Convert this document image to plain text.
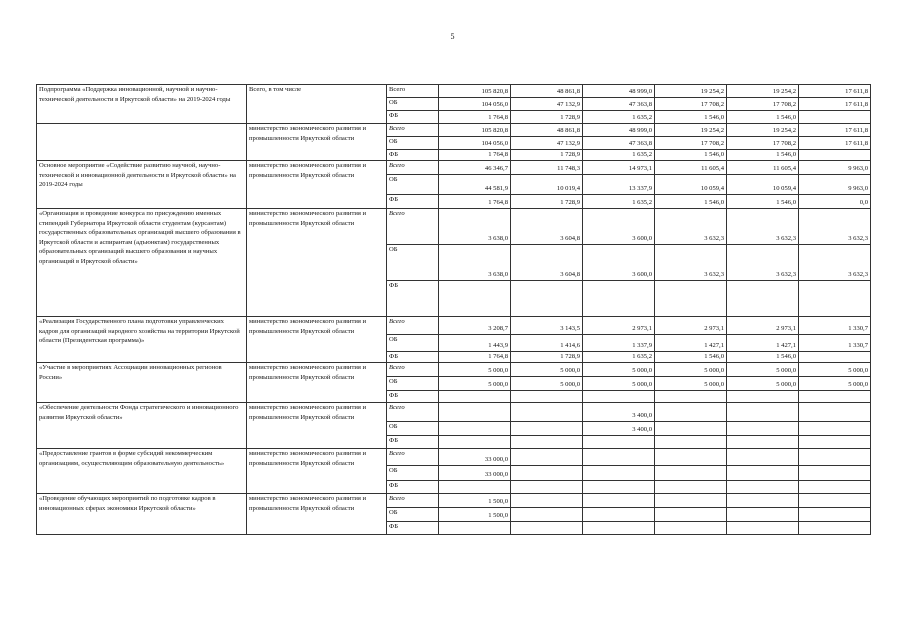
5
Подпрограмма «Поддержка инновационной, научной и научно-технической деятельности в Иркутской области» на 2019-2024 годы	Всего, в том числе	Всего	105 820,8	48 861,8	48 999,0	19 254,2	19 254,2	17 611,8
		ОБ	104 056,0	47 132,9	47 363,8	17 708,2	17 708,2	17 611,8
		ФБ	1 764,8	1 728,9	1 635,2	1 546,0	1 546,0	
	министерство экономического развития и промышленности Иркутской области	Всего	105 820,8	48 861,8	48 999,0	19 254,2	19 254,2	17 611,8
		ОБ	104 056,0	47 132,9	47 363,8	17 708,2	17 708,2	17 611,8
		ФБ	1 764,8	1 728,9	1 635,2	1 546,0	1 546,0	
Основное мероприятие «Содействие развитию научной, научно-технической и инновационной деятельности в Иркутской области» на 2019-2024 годы	министерство экономического развития и промышленности Иркутской области	Всего	46 346,7	11 748,3	14 973,1	11 605,4	11 605,4	9 963,0
		ОБ	44 581,9	10 019,4	13 337,9	10 059,4	10 059,4	9 963,0
		ФБ	1 764,8	1 728,9	1 635,2	1 546,0	1 546,0	0,0
«Организация и проведение конкурса по присуждению именных стипендий Губернатора Иркутской области студентам (курсантам) государственных образовательных организаций высшего образования в Иркутской области и аспирантам (адъюнктам) государственных образовательных организаций высшего образования и научных организаций в Иркутской области»	министерство экономического развития и промышленности Иркутской области	Всего	3 638,0	3 604,8	3 600,0	3 632,3	3 632,3	3 632,3
		ОБ	3 638,0	3 604,8	3 600,0	3 632,3	3 632,3	3 632,3
		ФБ						
«Реализация Государственного плана подготовки управленческих кадров для организаций народного хозяйства на территории Иркутской области (Президентская программа)»	министерство экономического развития и промышленности Иркутской области	Всего	3 208,7	3 143,5	2 973,1	2 973,1	2 973,1	1 330,7
		ОБ	1 443,9	1 414,6	1 337,9	1 427,1	1 427,1	1 330,7
		ФБ	1 764,8	1 728,9	1 635,2	1 546,0	1 546,0	
«Участие в мероприятиях Ассоциации инновационных регионов России»	министерство экономического развития и промышленности Иркутской области	Всего	5 000,0	5 000,0	5 000,0	5 000,0	5 000,0	5 000,0
		ОБ	5 000,0	5 000,0	5 000,0	5 000,0	5 000,0	5 000,0
		ФБ						
«Обеспечение деятельности Фонда стратегического и инновационного развития Иркутской области»	министерство экономического развития и промышленности Иркутской области	Всего			3 400,0			
		ОБ			3 400,0			
		ФБ						
«Предоставление грантов в форме субсидий некоммерческим организациям, осуществляющим образовательную деятельность»	министерство экономического развития и промышленности Иркутской области	Всего	33 000,0					
		ОБ	33 000,0					
		ФБ						
«Проведение обучающих мероприятий по подготовке кадров в инновационных сферах экономики Иркутской области»	министерство экономического развития и промышленности Иркутской области	Всего	1 500,0					
		ОБ	1 500,0					
		ФБ						
